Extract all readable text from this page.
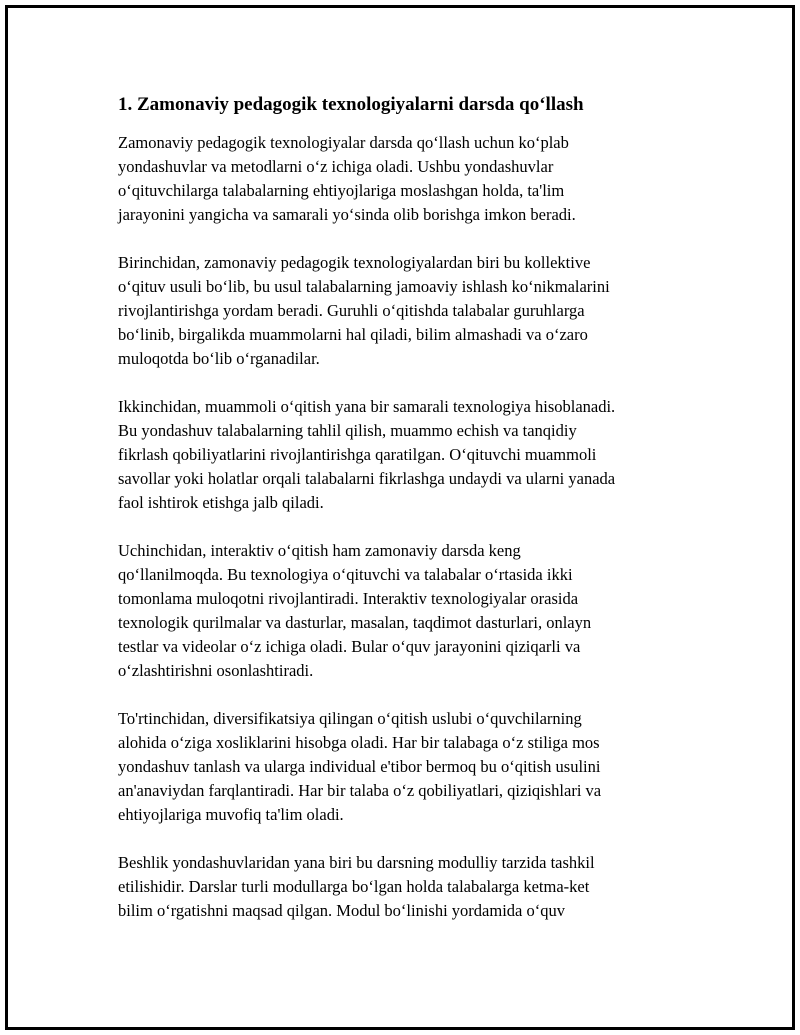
1. Zamonaviy pedagogik texnologiyalarni darsda qo‘llash

Zamonaviy pedagogik texnologiyalar darsda qo‘llash uchun ko‘plab
yondashuvlar va metodlarni o‘z ichiga oladi. Ushbu yondashuvlar
o‘qituvchilarga talabalarning ehtiyojlariga moslashgan holda, ta'lim
jarayonini yangicha va samarali yo‘sinda olib borishga imkon beradi.

Birinchidan, zamonaviy pedagogik texnologiyalardan biri bu kollektive
o‘qituv usuli bo‘lib, bu usul talabalarning jamoaviy ishlash ko‘nikmalarini
rivojlantirishga yordam beradi. Guruhli o‘qitishda talabalar guruhlarga
bo‘linib, birgalikda muammolarni hal qiladi, bilim almashadi va o‘zaro
muloqotda bo‘lib o‘rganadilar.

Ikkinchidan, muammoli o‘qitish yana bir samarali texnologiya hisoblanadi.
Bu yondashuv talabalarning tahlil qilish, muammo echish va tanqidiy
fikrlash qobiliyatlarini rivojlantirishga qaratilgan. O‘qituvchi muammoli
savollar yoki holatlar orqali talabalarni fikrlashga undaydi va ularni yanada
faol ishtirok etishga jalb qiladi.

Uchinchidan, interaktiv o‘qitish ham zamonaviy darsda keng
qo‘llanilmoqda. Bu texnologiya o‘qituvchi va talabalar o‘rtasida ikki
tomonlama muloqotni rivojlantiradi. Interaktiv texnologiyalar orasida
texnologik qurilmalar va dasturlar, masalan, taqdimot dasturlari, onlayn
testlar va videolar o‘z ichiga oladi. Bular o‘quv jarayonini qiziqarli va
o‘zlashtirishni osonlashtiradi.

To'rtinchidan, diversifikatsiya qilingan o‘qitish uslubi o‘quvchilarning
alohida o‘ziga xosliklarini hisobga oladi. Har bir talabaga o‘z stiliga mos
yondashuv tanlash va ularga individual e'tibor bermoq bu o‘qitish usulini
an'anaviydan farqlantiradi. Har bir talaba o‘z qobiliyatlari, qiziqishlari va
ehtiyojlariga muvofiq ta'lim oladi.

Beshlik yondashuvlaridan yana biri bu darsning modulliy tarzida tashkil
etilishidir. Darslar turli modullarga bo‘lgan holda talabalarga ketma-ket
bilim o‘rgatishni maqsad qilgan. Modul bo‘linishi yordamida o‘quv
